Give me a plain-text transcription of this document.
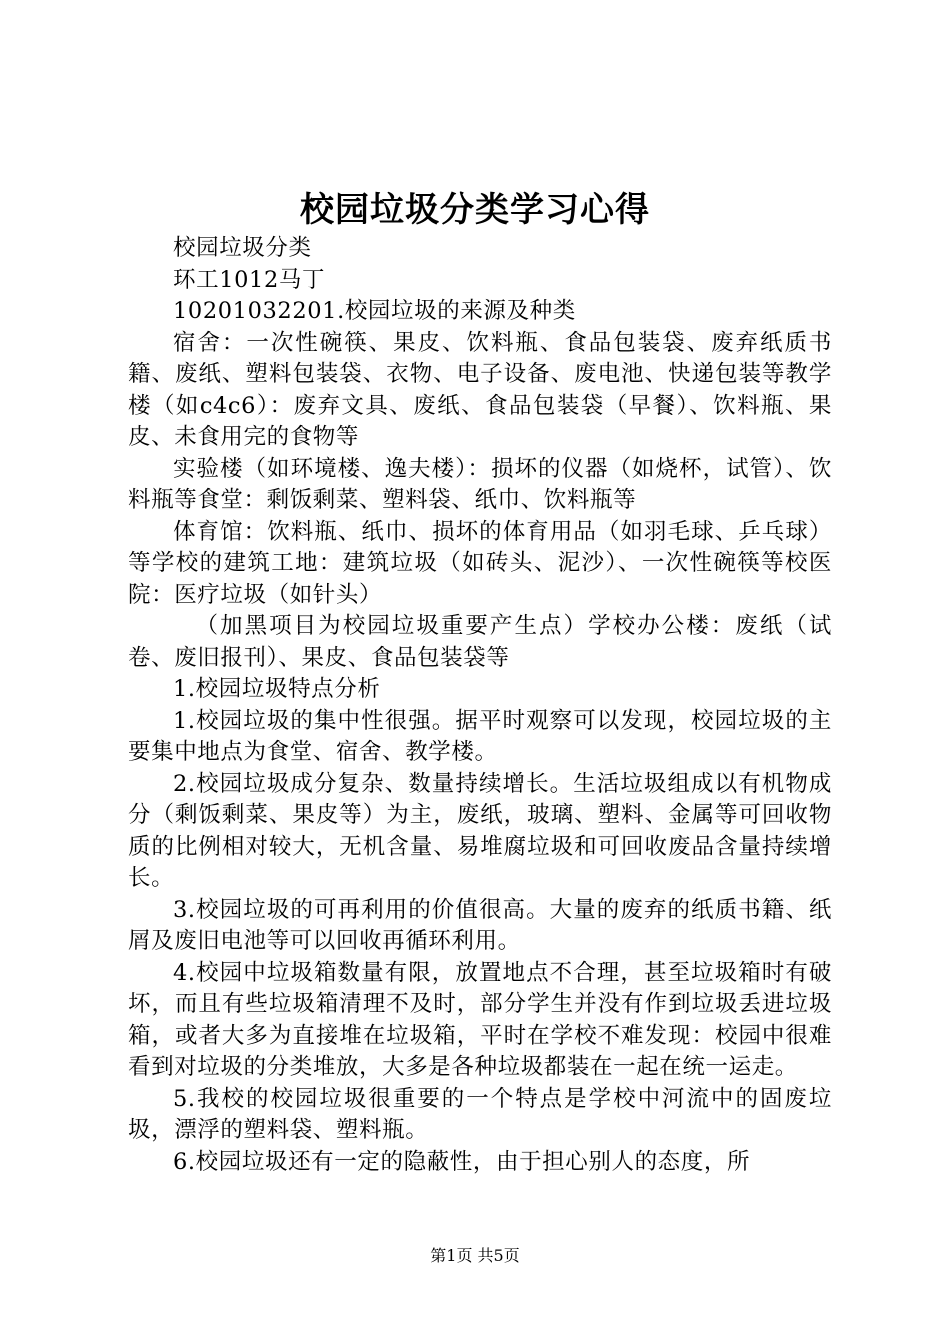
校园垃圾分类学习心得

校园垃圾分类

环工1012马丁

10201032201.校园垃圾的来源及种类

宿舍：一次性碗筷、果皮、饮料瓶、食品包装袋、废弃纸质书籍、废纸、塑料包装袋、衣物、电子设备、废电池、快递包装等教学楼（如c4c6）：废弃文具、废纸、食品包装袋（早餐）、饮料瓶、果皮、未食用完的食物等

实验楼（如环境楼、逸夫楼）：损坏的仪器（如烧杯，试管）、饮料瓶等食堂：剩饭剩菜、塑料袋、纸巾、饮料瓶等

体育馆：饮料瓶、纸巾、损坏的体育用品（如羽毛球、乒乓球）等学校的建筑工地：建筑垃圾（如砖头、泥沙）、一次性碗筷等校医院：医疗垃圾（如针头）

（加黑项目为校园垃圾重要产生点）学校办公楼：废纸（试卷、废旧报刊）、果皮、食品包装袋等

1.校园垃圾特点分析

1.校园垃圾的集中性很强。据平时观察可以发现，校园垃圾的主要集中地点为食堂、宿舍、教学楼。

2.校园垃圾成分复杂、数量持续增长。生活垃圾组成以有机物成分（剩饭剩菜、果皮等）为主，废纸，玻璃、塑料、金属等可回收物质的比例相对较大，无机含量、易堆腐垃圾和可回收废品含量持续增长。

3.校园垃圾的可再利用的价值很高。大量的废弃的纸质书籍、纸屑及废旧电池等可以回收再循环利用。

4.校园中垃圾箱数量有限，放置地点不合理，甚至垃圾箱时有破坏，而且有些垃圾箱清理不及时，部分学生并没有作到垃圾丢进垃圾箱，或者大多为直接堆在垃圾箱，平时在学校不难发现：校园中很难看到对垃圾的分类堆放，大多是各种垃圾都装在一起在统一运走。

5.我校的校园垃圾很重要的一个特点是学校中河流中的固废垃圾，漂浮的塑料袋、塑料瓶。

6.校园垃圾还有一定的隐蔽性，由于担心别人的态度，所

第1页 共5页
